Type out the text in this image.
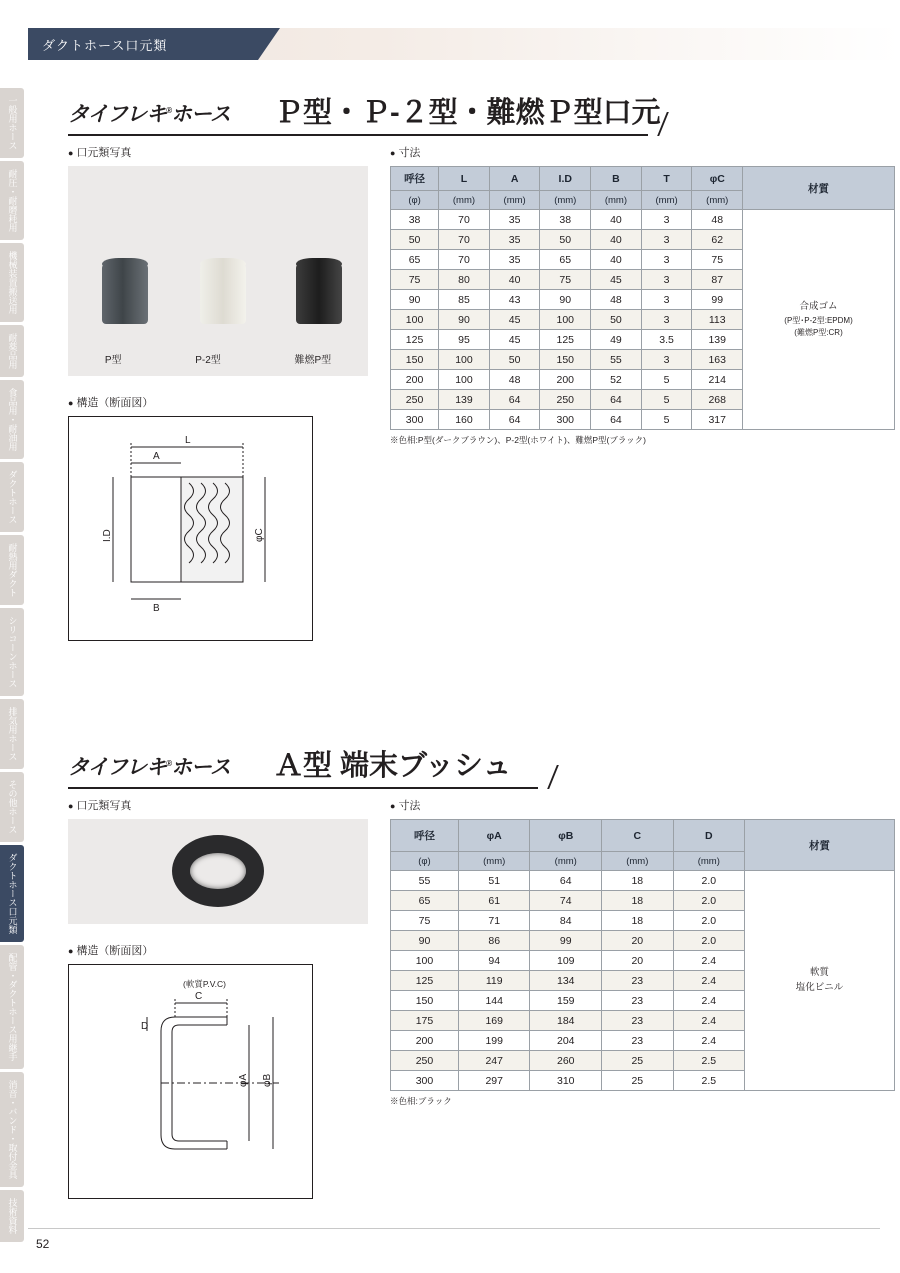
ダクトホース口元類
一般用ホース
耐圧・耐磨耗用
機械装置搬送用
耐薬品用
食品用・耐油用
ダクトホース
耐熱用ダクト
シリコーンホース
排気用ホース
その他ホース
ダクトホース口元類
配管・ダクトホース用継手
消音・バンド・取付金具
技術資料
タイフレキ®ホース Ｐ型・Ｐ‑２型・難燃Ｐ型口元
● 口元類写真
P型	P-2型	難燃P型
● 構造（断面図）
L
A
B
I.D	φC
● 寸法
呼径	L	A	I.D	B	T	φC	材質
(φ)	(mm)	(mm)	(mm)	(mm)	(mm)	(mm)	
38	70	35	38	40	3	48	合成ゴム
(P型･P-2型:EPDM)
(難燃P型:CR)

50	70	35	50	40	3	62	
65	70	35	65	40	3	75	
75	80	40	75	45	3	87	
90	85	43	90	48	3	99	
100	90	45	100	50	3	113	
125	95	45	125	49	3.5	139	
150	100	50	150	55	3	163	
200	100	48	200	52	5	214	
250	139	64	250	64	5	268	
300	160	64	300	64	5	317	
※色相:P型(ダークブラウン)、P-2型(ホワイト)、難燃P型(ブラック)
タイフレキ®ホース Ａ型 端末ブッシュ
● 口元類写真
● 構造（断面図）
C
D
φA φB
(軟質P.V.C)
● 寸法
呼径	φA	φB	C	D	材質
(φ)	(mm)	(mm)	(mm)	(mm)	
55	51	64	18	2.0	軟質
塩化ビニル

65	61	74	18	2.0	
75	71	84	18	2.0	
90	86	99	20	2.0	
100	94	109	20	2.4	
125	119	134	23	2.4	
150	144	159	23	2.4	
175	169	184	23	2.4	
200	199	204	23	2.4	
250	247	260	25	2.5	
300	297	310	25	2.5	
※色相:ブラック
52
